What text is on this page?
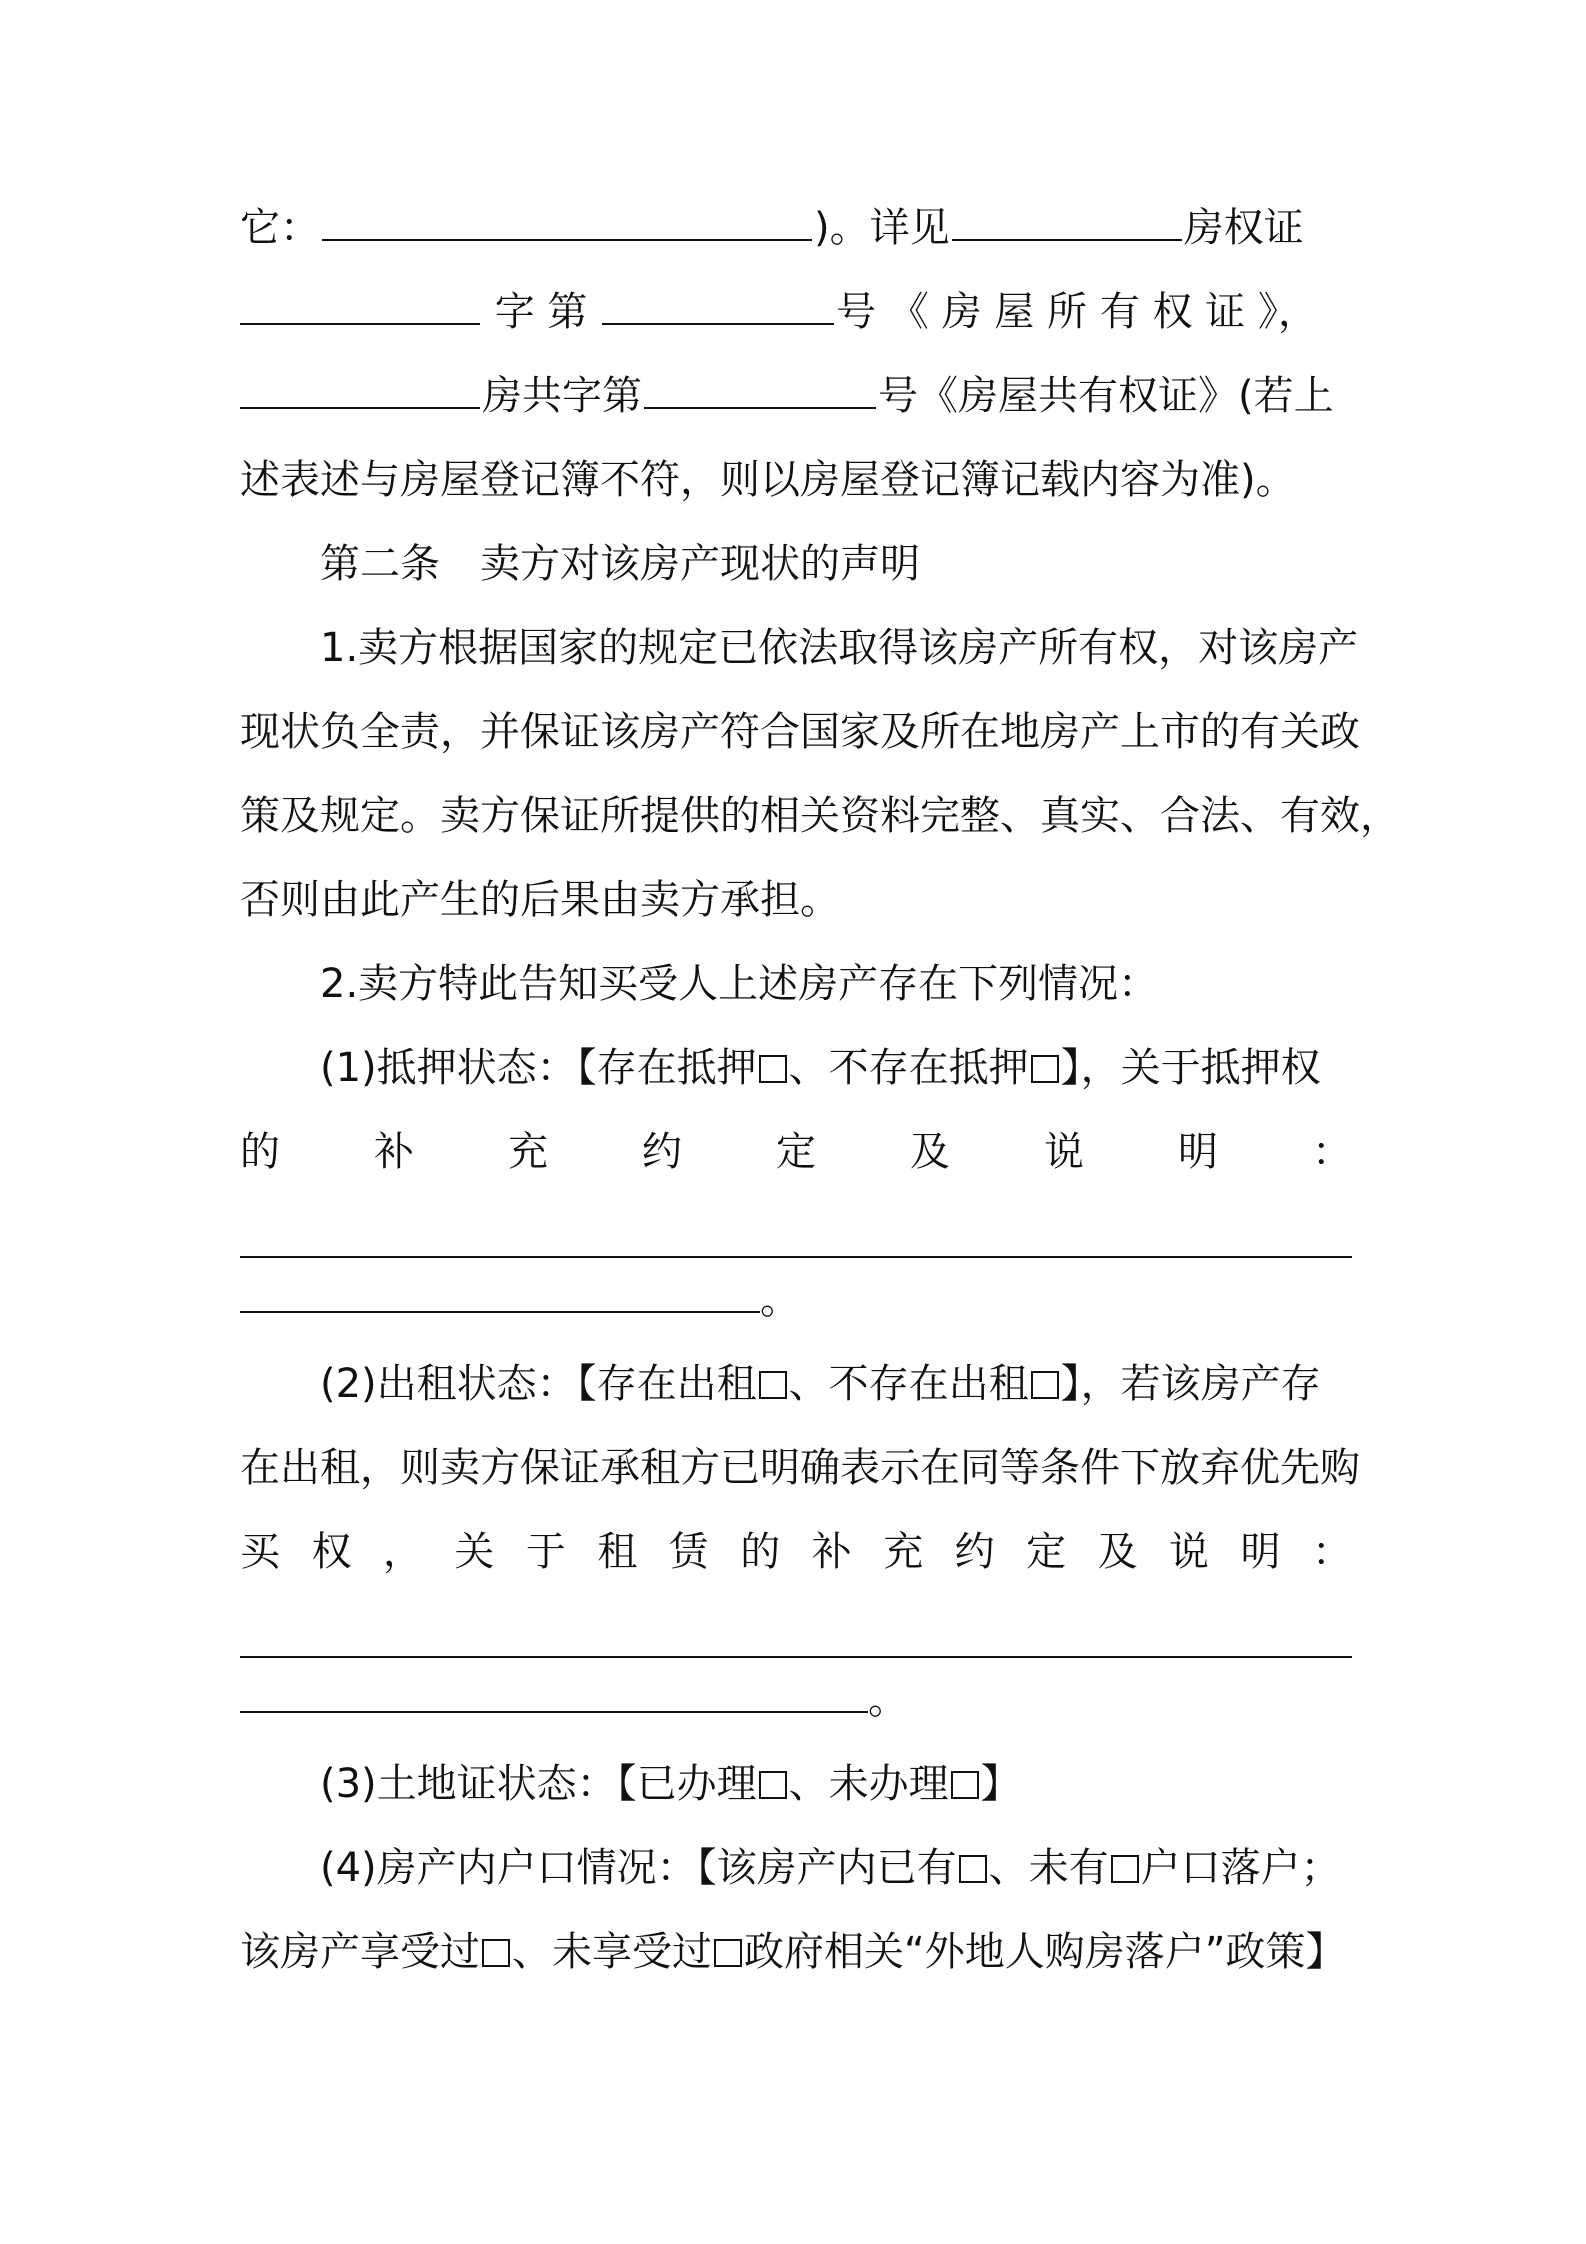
它：	)。详见	房权证
字 第	号 《 房 屋 所 有 权 证 》，
房共字第	号《房屋共有权证》(若上
述表述与房屋登记簿不符，则以房屋登记簿记载内容为准)。
第二条　卖方对该房产现状的声明
1.卖方根据国家的规定已依法取得该房产所有权，对该房产
现状负全责，并保证该房产符合国家及所在地房产上市的有关政
策及规定。卖方保证所提供的相关资料完整、真实、合法、有效，
否则由此产生的后果由卖方承担。
2.卖方特此告知买受人上述房产存在下列情况：
(1)抵押状态：【存在抵押 、不存在抵押 】，关于抵押权
的 补 充 约 定 及 说 明 ：
。
(2)出租状态：【存在出租 、不存在出租 】，若该房产存
在出租，则卖方保证承租方已明确表示在同等条件下放弃优先购
买 权 ， 关 于 租 赁 的 补 充 约 定 及 说 明 ：
。
(3)土地证状态：【已办理 、未办理 】
(4)房产内户口情况：【该房产内已有 、未有 户口落户；
该房产享受过 、未享受过 政府相关“外地人购房落户”政策】
